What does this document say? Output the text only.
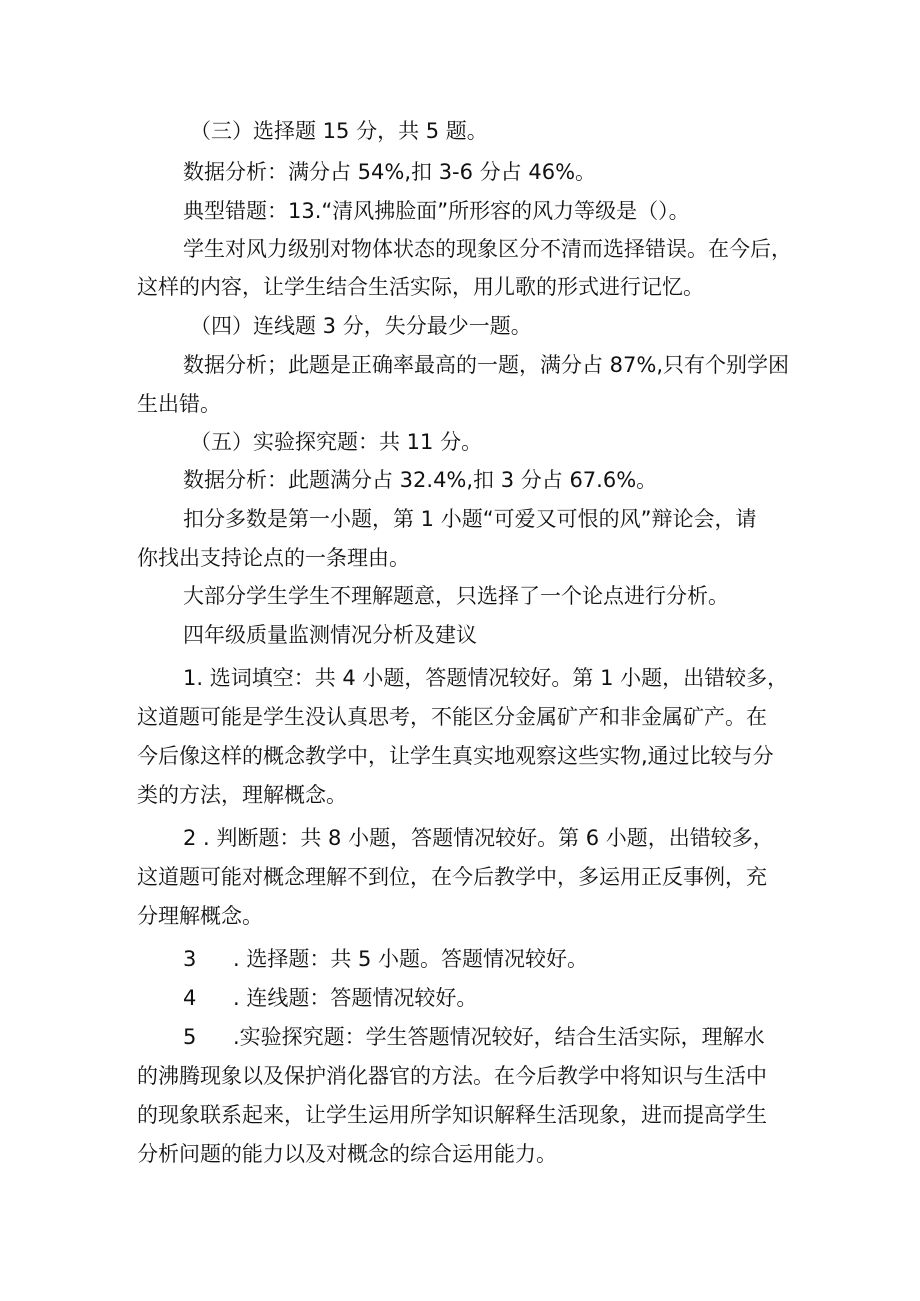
（三）选择题 15 分，共 5 题。
数据分析：满分占 54%,扣 3-6 分占 46%。
典型错题：13.“清风拂脸面”所形容的风力等级是（）。
学生对风力级别对物体状态的现象区分不清而选择错误。在今后，
这样的内容，让学生结合生活实际，用儿歌的形式进行记忆。
（四）连线题 3 分，失分最少一题。
数据分析；此题是正确率最高的一题，满分占 87%,只有个别学困
生出错。
（五）实验探究题：共 11 分。
数据分析：此题满分占 32.4%,扣 3 分占 67.6%。
扣分多数是第一小题，第 1 小题“可爱又可恨的风”辩论会，请
你找出支持论点的一条理由。
大部分学生学生不理解题意，只选择了一个论点进行分析。
四年级质量监测情况分析及建议
1. 选词填空：共 4 小题，答题情况较好。第 1 小题，出错较多，
这道题可能是学生没认真思考，不能区分金属矿产和非金属矿产。在
今后像这样的概念教学中，让学生真实地观察这些实物,通过比较与分
类的方法，理解概念。
2 . 判断题：共 8 小题，答题情况较好。第 6 小题，出错较多，
这道题可能对概念理解不到位，在今后教学中，多运用正反事例，充
分理解概念。
3 . 选择题：共 5 小题。答题情况较好。
4 . 连线题：答题情况较好。
5 .实验探究题：学生答题情况较好，结合生活实际，理解水
的沸腾现象以及保护消化器官的方法。在今后教学中将知识与生活中
的现象联系起来，让学生运用所学知识解释生活现象，进而提高学生
分析问题的能力以及对概念的综合运用能力。
